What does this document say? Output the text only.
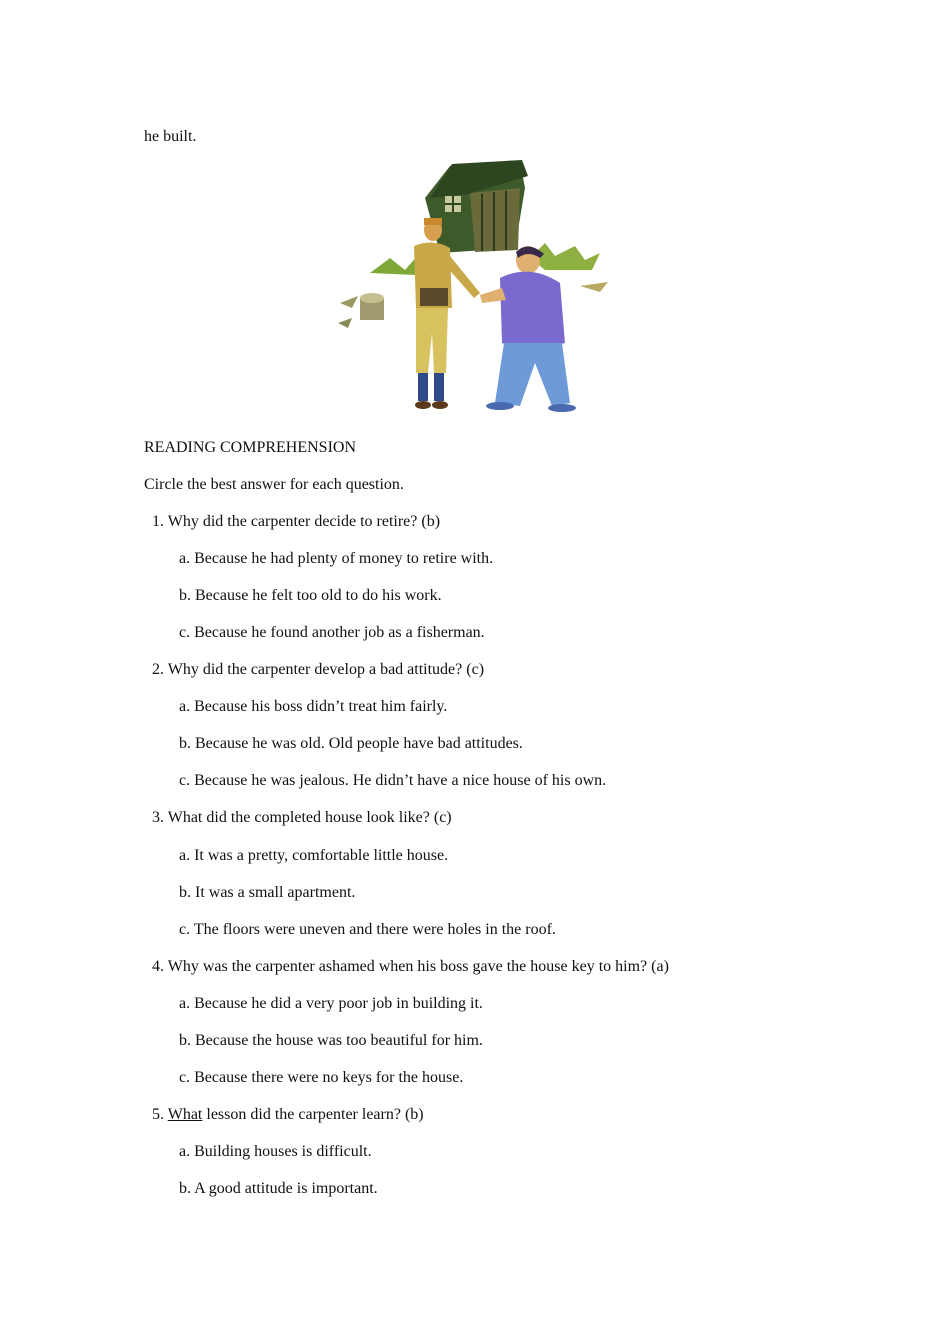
he built.
READING COMPREHENSION
Circle the best answer for each question.
1. Why did the carpenter decide to retire? (b)
a. Because he had plenty of money to retire with.
b. Because he felt too old to do his work.
c. Because he found another job as a fisherman.
2. Why did the carpenter develop a bad attitude? (c)
a. Because his boss didn’t treat him fairly.
b. Because he was old. Old people have bad attitudes.
c. Because he was jealous. He didn’t have a nice house of his own.
3. What did the completed house look like? (c)
a. It was a pretty, comfortable little house.
b. It was a small apartment.
c. The floors were uneven and there were holes in the roof.
4. Why was the carpenter ashamed when his boss gave the house key to him? (a)
a. Because he did a very poor job in building it.
b. Because the house was too beautiful for him.
c. Because there were no keys for the house.
5. What lesson did the carpenter learn? (b)
a. Building houses is difficult.
b. A good attitude is important.
